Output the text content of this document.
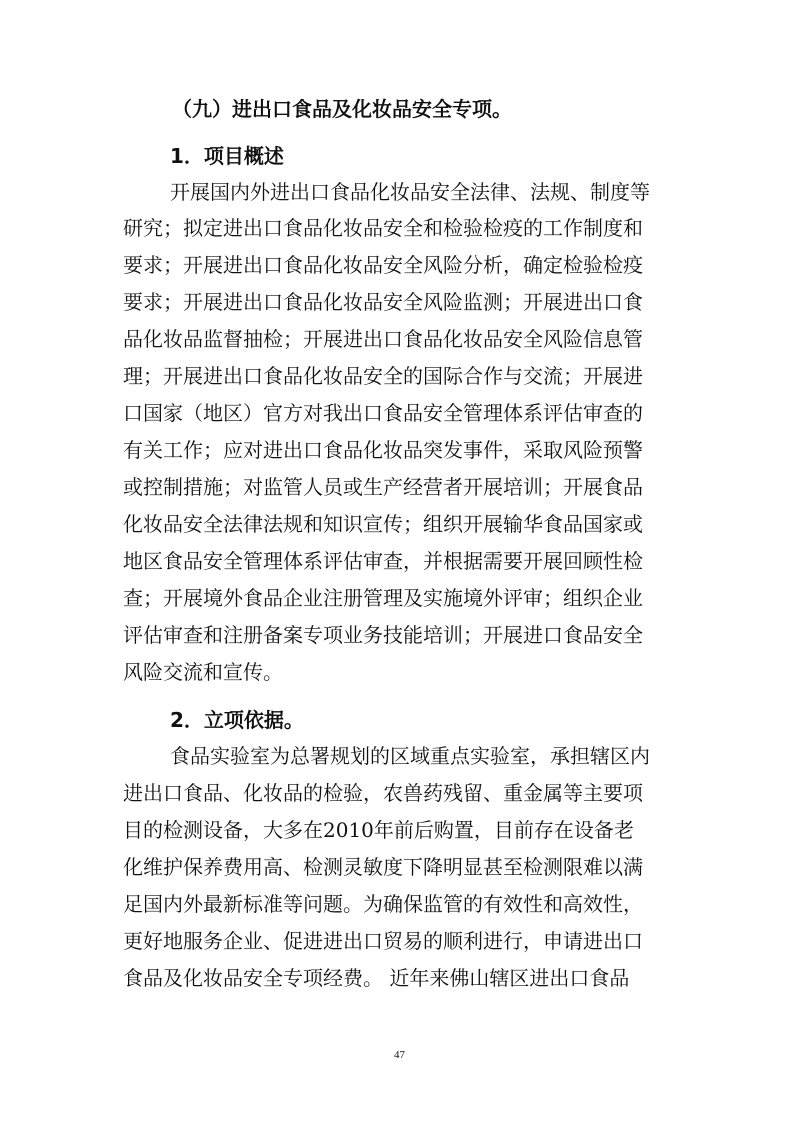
（九）进出口食品及化妆品安全专项。
1．项目概述
开展国内外进出口食品化妆品安全法律、法规、制度等
研究；拟定进出口食品化妆品安全和检验检疫的工作制度和
要求；开展进出口食品化妆品安全风险分析，确定检验检疫
要求；开展进出口食品化妆品安全风险监测；开展进出口食
品化妆品监督抽检；开展进出口食品化妆品安全风险信息管
理；开展进出口食品化妆品安全的国际合作与交流；开展进
口国家（地区）官方对我出口食品安全管理体系评估审查的
有关工作；应对进出口食品化妆品突发事件，采取风险预警
或控制措施；对监管人员或生产经营者开展培训；开展食品
化妆品安全法律法规和知识宣传；组织开展输华食品国家或
地区食品安全管理体系评估审查，并根据需要开展回顾性检
查；开展境外食品企业注册管理及实施境外评审；组织企业
评估审查和注册备案专项业务技能培训；开展进口食品安全
风险交流和宣传。
2．立项依据。
食品实验室为总署规划的区域重点实验室，承担辖区内
进出口食品、化妆品的检验，农兽药残留、重金属等主要项
目的检测设备，大多在2010年前后购置，目前存在设备老
化维护保养费用高、检测灵敏度下降明显甚至检测限难以满
足国内外最新标准等问题。为确保监管的有效性和高效性，
更好地服务企业、促进进出口贸易的顺利进行，申请进出口
食品及化妆品安全专项经费。 近年来佛山辖区进出口食品
47
